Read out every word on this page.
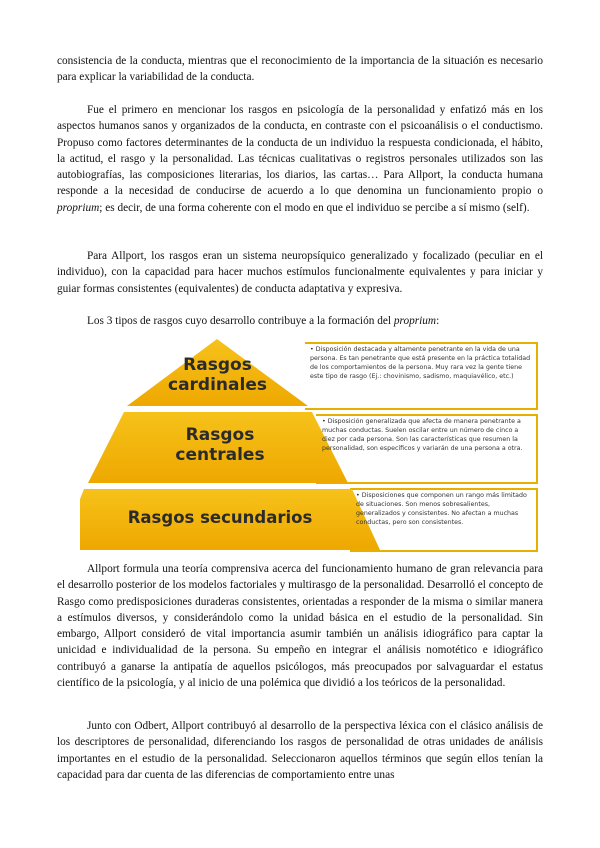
consistencia de la conducta, mientras que el reconocimiento de la importancia de la situación es necesario para explicar la variabilidad de la conducta.

Fue el primero en mencionar los rasgos en psicología de la personalidad y enfatizó más en los aspectos humanos sanos y organizados de la conducta, en contraste con el psicoanálisis o el conductismo. Propuso como factores determinantes de la conducta de un individuo la respuesta condicionada, el hábito, la actitud, el rasgo y la personalidad. Las técnicas cualitativas o registros personales utilizados son las autobiografías, las composiciones literarias, los diarios, las cartas… Para Allport, la conducta humana responde a la necesidad de conducirse de acuerdo a lo que denomina un funcionamiento propio o proprium; es decir, de una forma coherente con el modo en que el individuo se percibe a sí mismo (self).

Para Allport, los rasgos eran un sistema neuropsíquico generalizado y focalizado (peculiar en el individuo), con la capacidad para hacer muchos estímulos funcionalmente equivalentes y para iniciar y guiar formas consistentes (equivalentes) de conducta adaptativa y expresiva.

Los 3 tipos de rasgos cuyo desarrollo contribuye a la formación del proprium:

Rasgos
cardinales
Rasgos
centrales
Rasgos secundarios

• Disposición destacada y altamente penetrante en la vida de una persona. Es tan penetrante que está presente en la práctica totalidad de los comportamientos de la persona. Muy rara vez la gente tiene este tipo de rasgo (Ej.: chovinismo, sadismo, maquiavélico, etc.)

• Disposición generalizada que afecta de manera penetrante a muchas conductas. Suelen oscilar entre un número de cinco a diez por cada persona. Son las características que resumen la personalidad, son específicos y variarán de una persona a otra.

• Disposiciones que componen un rango más limitado de situaciones. Son menos sobresalientes, generalizados y consistentes. No afectan a muchas conductas, pero son consistentes.

Allport formula una teoría comprensiva acerca del funcionamiento humano de gran relevancia para el desarrollo posterior de los modelos factoriales y multirasgo de la personalidad. Desarrolló el concepto de Rasgo como predisposiciones duraderas consistentes, orientadas a responder de la misma o similar manera a estímulos diversos, y considerándolo como la unidad básica en el estudio de la personalidad. Sin embargo, Allport consideró de vital importancia asumir también un análisis idiográfico para captar la unicidad e individualidad de la persona. Su empeño en integrar el análisis nomotético e idiográfico contribuyó a ganarse la antipatía de aquellos psicólogos, más preocupados por salvaguardar el estatus científico de la psicología, y al inicio de una polémica que dividió a los teóricos de la personalidad.

Junto con Odbert, Allport contribuyó al desarrollo de la perspectiva léxica con el clásico análisis de los descriptores de personalidad, diferenciando los rasgos de personalidad de otras unidades de análisis importantes en el estudio de la personalidad. Seleccionaron aquellos términos que según ellos tenían la capacidad para dar cuenta de las diferencias de comportamiento entre unas
